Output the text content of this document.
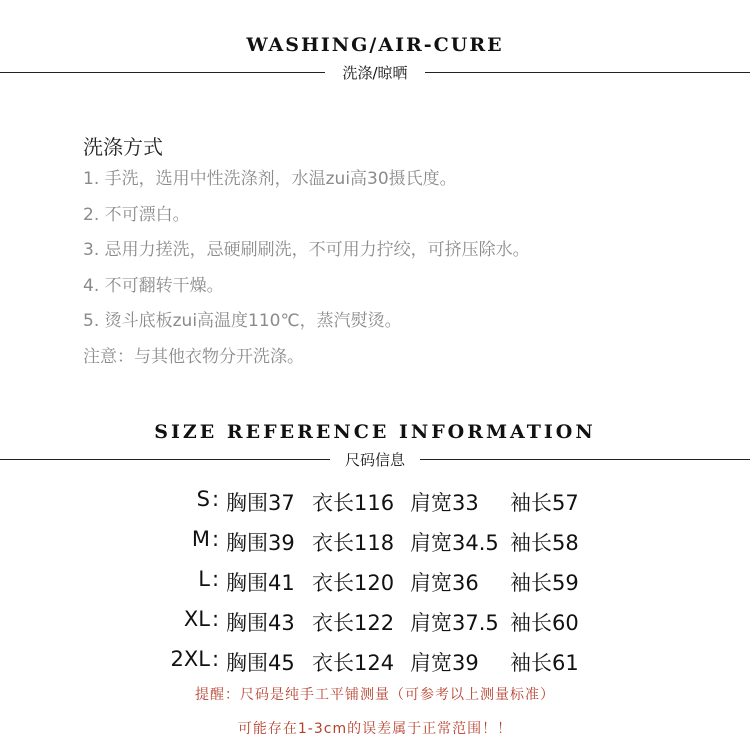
WASHING/AIR-CURE
洗涤/晾晒
洗涤方式
1. 手洗，选用中性洗涤剂，水温zui高30摄氏度。
2. 不可漂白。
3. 忌用力搓洗，忌硬刷刷洗，不可用力拧绞，可挤压除水。
4. 不可翻转干燥。
5. 烫斗底板zui高温度110℃，蒸汽熨烫。
注意：与其他衣物分开洗涤。
SIZE REFERENCE INFORMATION
尺码信息
S : 胸围37 衣长116 肩宽33 袖长57
M : 胸围39 衣长118 肩宽34.5 袖长58
L : 胸围41 衣长120 肩宽36 袖长59
XL : 胸围43 衣长122 肩宽37.5 袖长60
2XL : 胸围45 衣长124 肩宽39 袖长61
提醒：尺码是纯手工平铺测量（可参考以上测量标准）
可能存在1-3cm的误差属于正常范围！！
